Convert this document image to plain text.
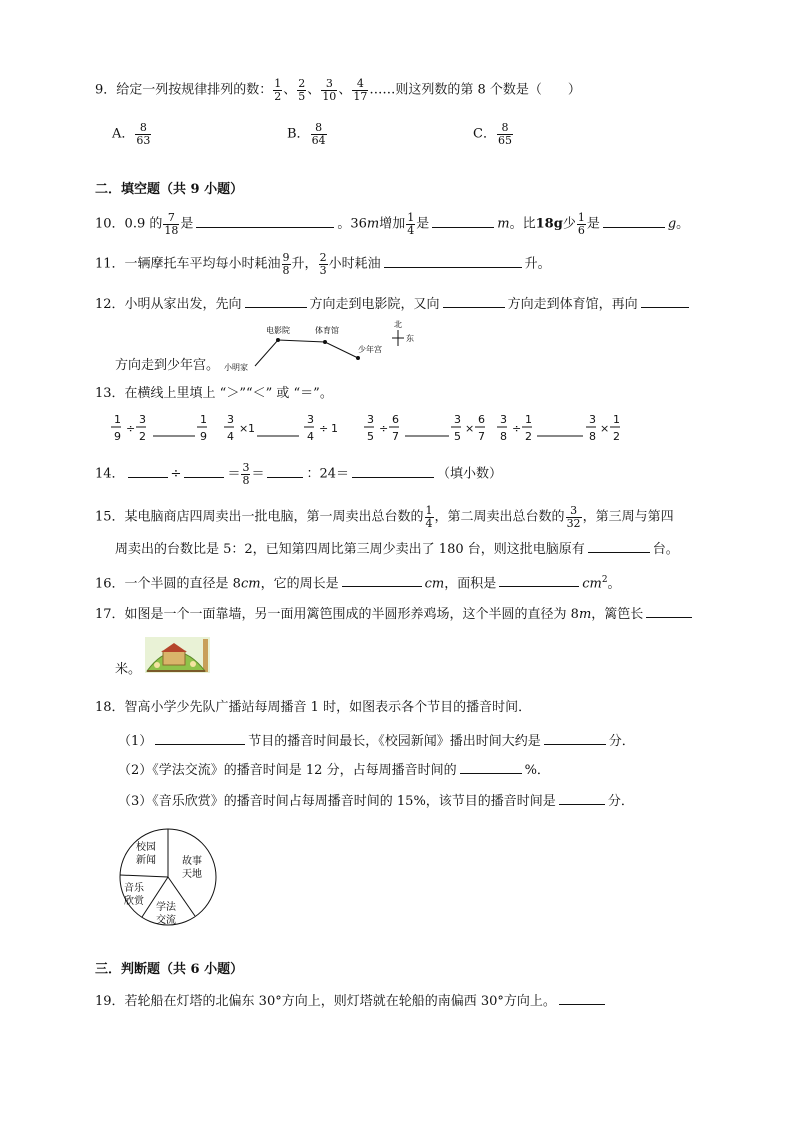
9．给定一列按规律排列的数： $\frac{1}{2}$ 、 $\frac{2}{5}$ 、 $\frac{3}{10}$ 、 $\frac{4}{17}$ ……则这列数的第 8 个数是（　　）
A． $\frac{8}{63}$	B． $\frac{8}{64}$	C． $\frac{8}{65}$
二．填空题（共 9 小题）
10．0.9 的 $\frac{7}{18}$ 是	。36m增加 $\frac{1}{4}$ 是	m。比18g少 $\frac{1}{6}$ 是	g。
11．一辆摩托车平均每小时耗油 $\frac{9}{8}$ 升， $\frac{2}{3}$ 小时耗油	升。
12．小明从家出发，先向	方向走到电影院，又向	方向走到体育馆，再向
小明家
电影院	体育馆
少年宫
北
东
方向走到少年宫。
13．在横线上里填上 “＞”“＜” 或 “＝”。
1
9
÷
3
2
1
9
3
4
× 1
3
4
÷ 1
3
5
÷
6
7
3
5
×
6
7
3
8
÷
1
2
3
8
×
1
2
14．	÷	＝ $\frac{3}{8}$ ＝	：24＝	（填小数）
15．某电脑商店四周卖出一批电脑，第一周卖出总台数的 $\frac{1}{4}$ ，第二周卖出总台数的 $\frac{3}{32}$ ，第三周与第四
周卖出的台数比是 5：2，已知第四周比第三周少卖出了 180 台，则这批电脑原有	台。
16．一个半圆的直径是 8cm，它的周长是	cm，面积是	$cm^2$。
17．如图是一个一面靠墙，另一面用篱笆围成的半圆形养鸡场，这个半圆的直径为 8m，篱笆长
米。
18．智高小学少先队广播站每周播音 1 时，如图表示各个节目的播音时间．
（1）	节目的播音时间最长，《校园新闻》播出时间大约是	分．
（2）《学法交流》的播音时间是 12 分，占每周播音时间的	%．
（3）《音乐欣赏》的播音时间占每周播音时间的 15%，该节目的播音时间是	分．
校园
新闻	故事
天地
音乐
欣赏
学法
交流
三．判断题（共 6 小题）
19．若轮船在灯塔的北偏东 30°方向上，则灯塔就在轮船的南偏西 30°方向上。
